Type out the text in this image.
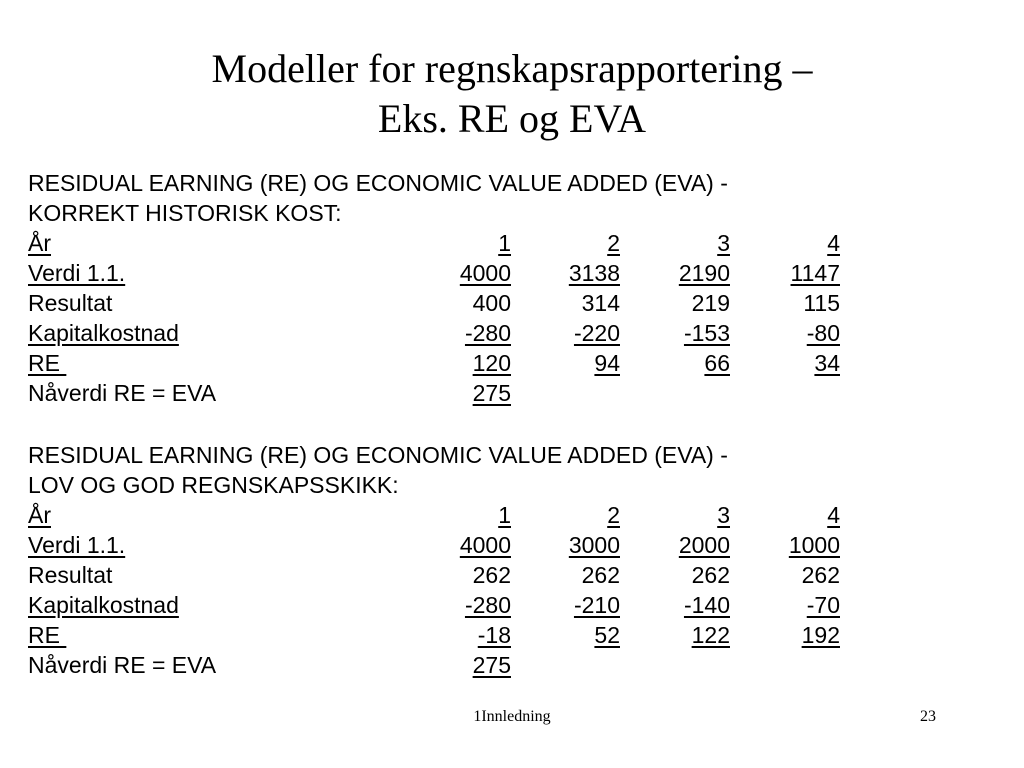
Modeller for regnskapsrapportering –
Eks. RE og EVA
RESIDUAL EARNING (RE) OG ECONOMIC VALUE ADDED (EVA) -
KORREKT HISTORISK KOST:
År	1	2	3	4
Verdi 1.1.	4000	3138	2190	1147
Resultat	400	314	219	115
Kapitalkostnad	-280	-220	-153	-80
RE	120	94	66	34
Nåverdi RE = EVA	275
RESIDUAL EARNING (RE) OG ECONOMIC VALUE ADDED (EVA) -
LOV OG GOD REGNSKAPSSKIKK:
År	1	2	3	4
Verdi 1.1.	4000	3000	2000	1000
Resultat	262	262	262	262
Kapitalkostnad	-280	-210	-140	-70
RE	-18	52	122	192
Nåverdi RE = EVA	275
1Innledning	23
